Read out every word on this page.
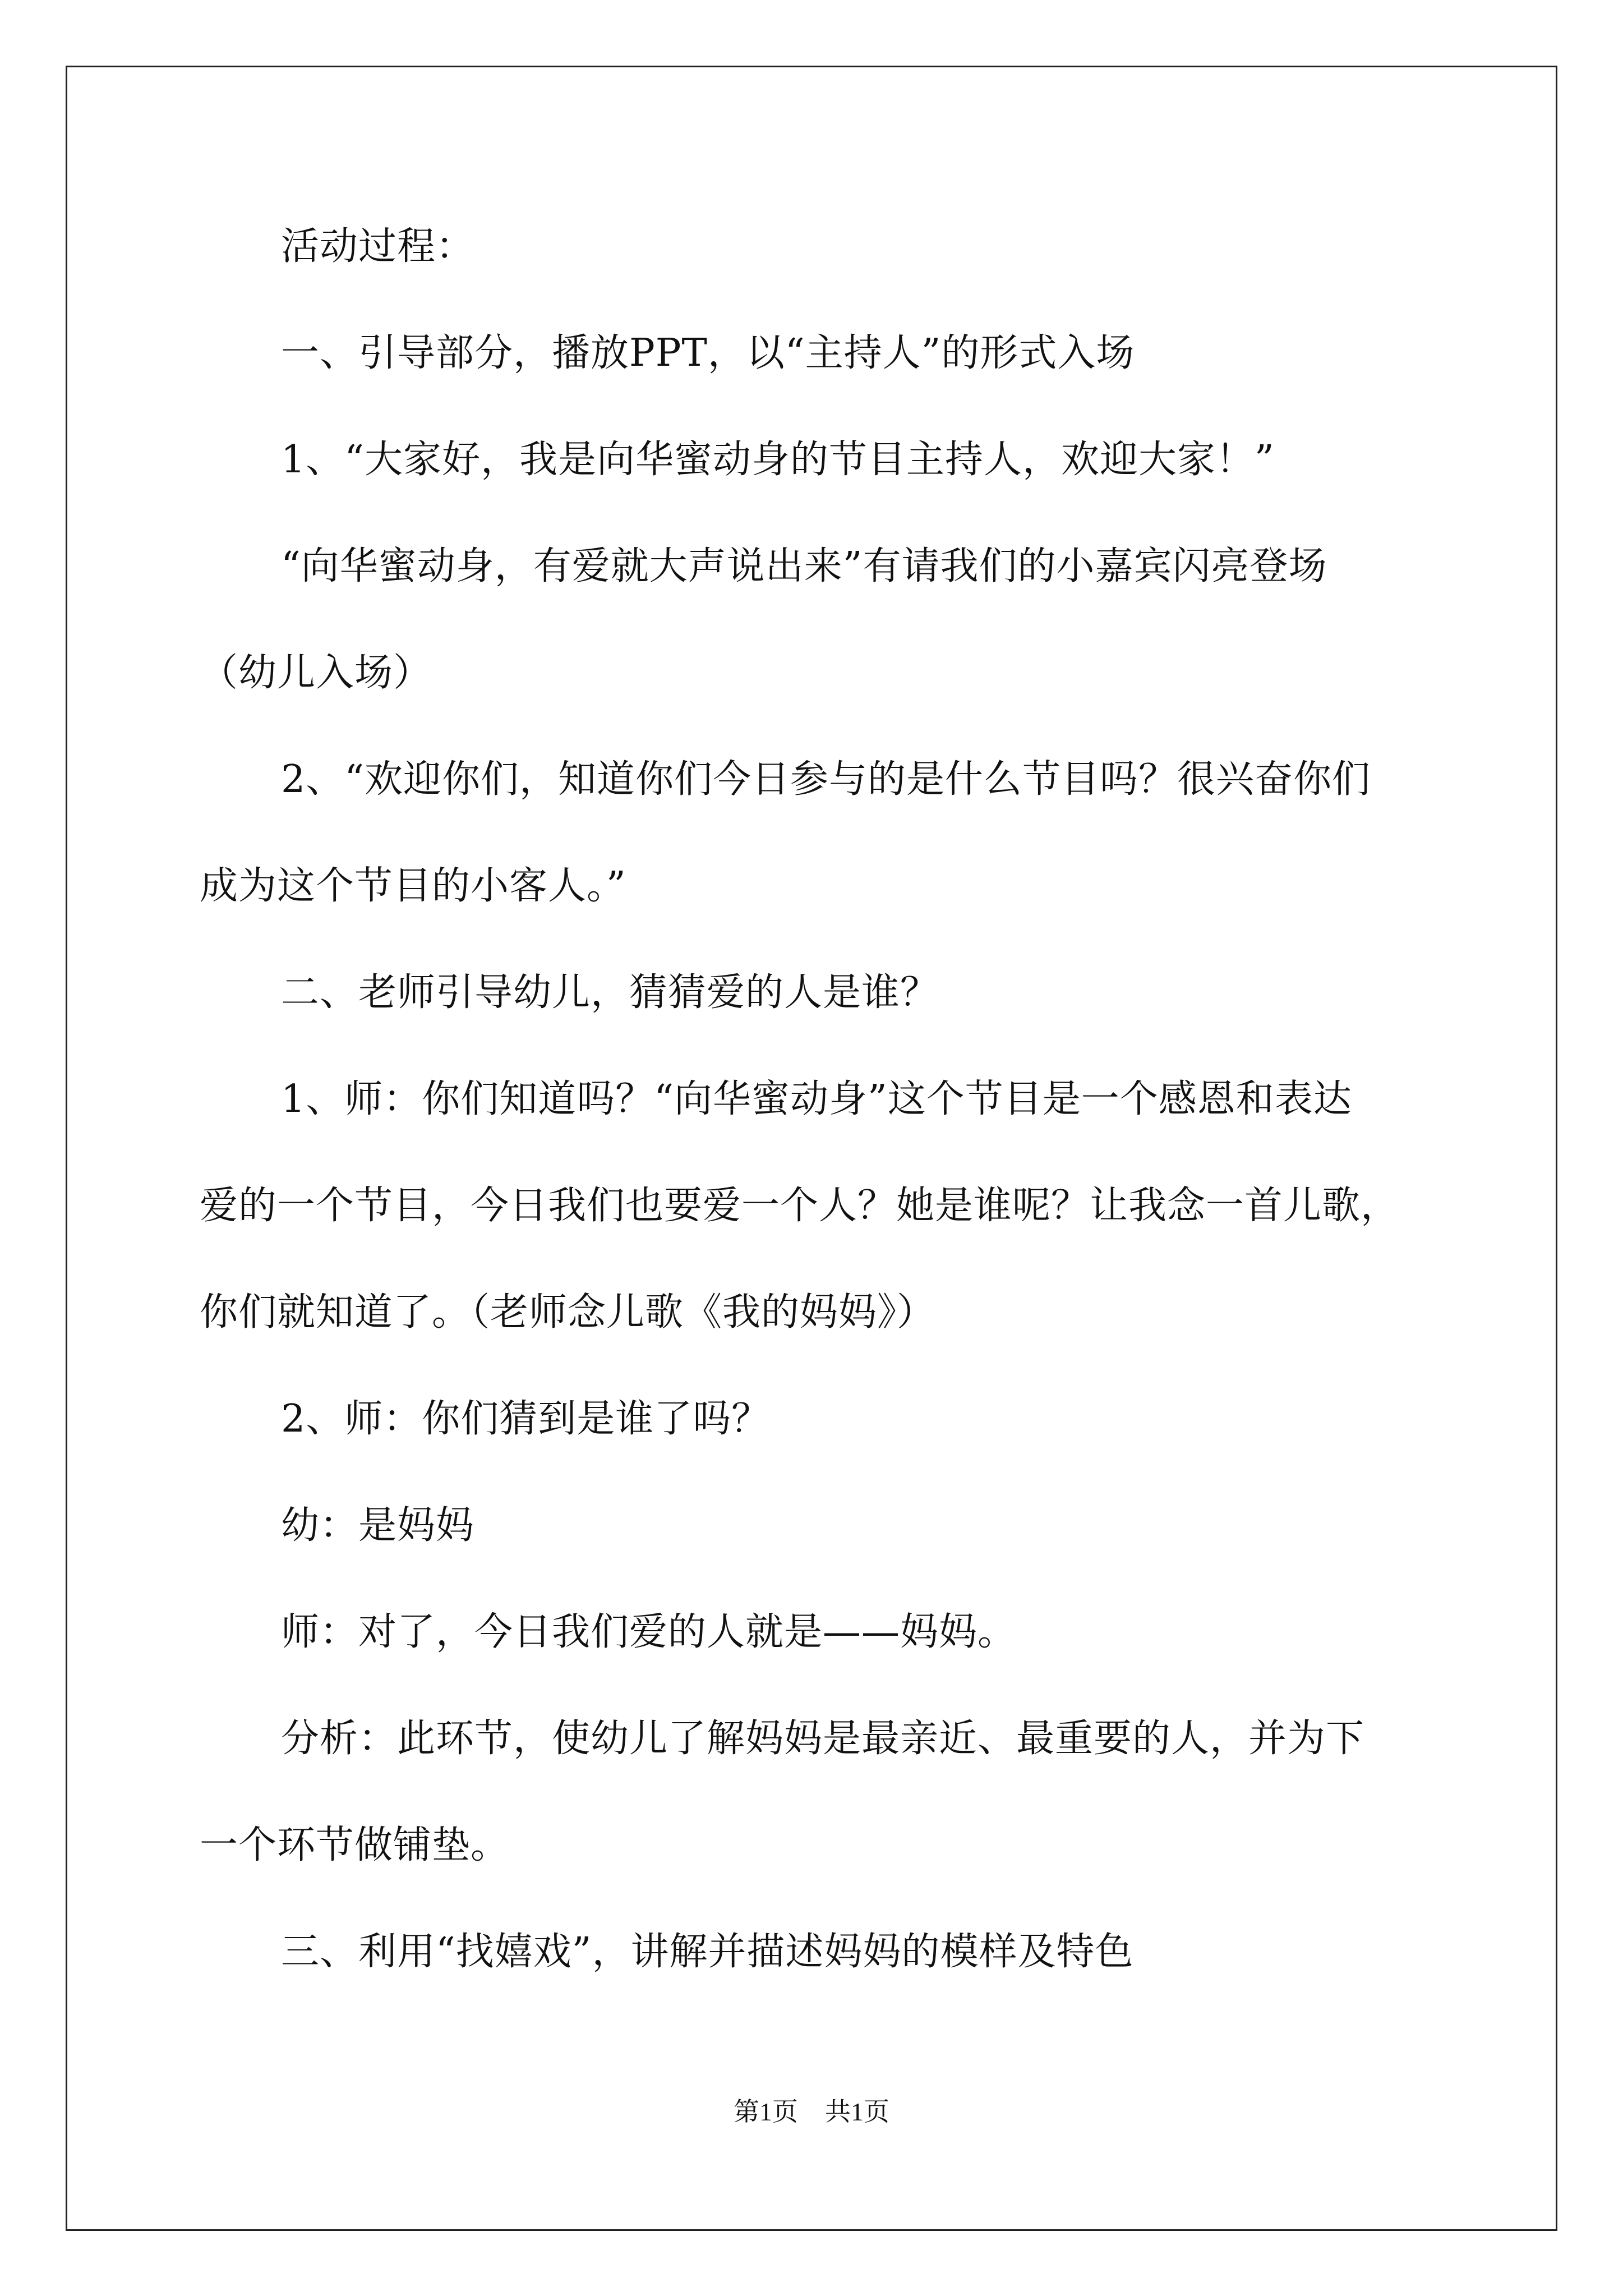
活动过程：
一、引导部分，播放PPT，以“主持人”的形式入场
1、“大家好，我是向华蜜动身的节目主持人，欢迎大家！”
“向华蜜动身，有爱就大声说出来”有请我们的小嘉宾闪亮登场
（幼儿入场）
2、“欢迎你们，知道你们今日参与的是什么节目吗？很兴奋你们
成为这个节目的小客人。”
二、老师引导幼儿，猜猜爱的人是谁？
1、师：你们知道吗？“向华蜜动身”这个节目是一个感恩和表达
爱的一个节目，今日我们也要爱一个人？她是谁呢？让我念一首儿歌，
你们就知道了。（老师念儿歌《我的妈妈》）
2、师：你们猜到是谁了吗？
幼：是妈妈
师：对了，今日我们爱的人就是——妈妈。
分析：此环节，使幼儿了解妈妈是最亲近、最重要的人，并为下
一个环节做铺垫。
三、利用“找嬉戏”，讲解并描述妈妈的模样及特色
第1页 共1页
